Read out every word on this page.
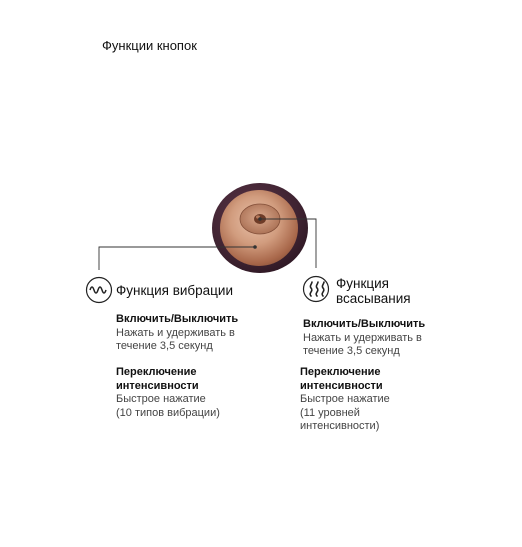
Функции кнопок
Функция вибрации
Включить/Выключить
Нажать и удерживать в
течение 3,5 секунд
Переключение
интенсивности
Быстрое нажатие
(10 типов вибрации)
Функция
всасывания
Включить/Выключить
Нажать и удерживать в
течение 3,5 секунд
Переключение
интенсивности
Быстрое нажатие
(11 уровней
интенсивности)
